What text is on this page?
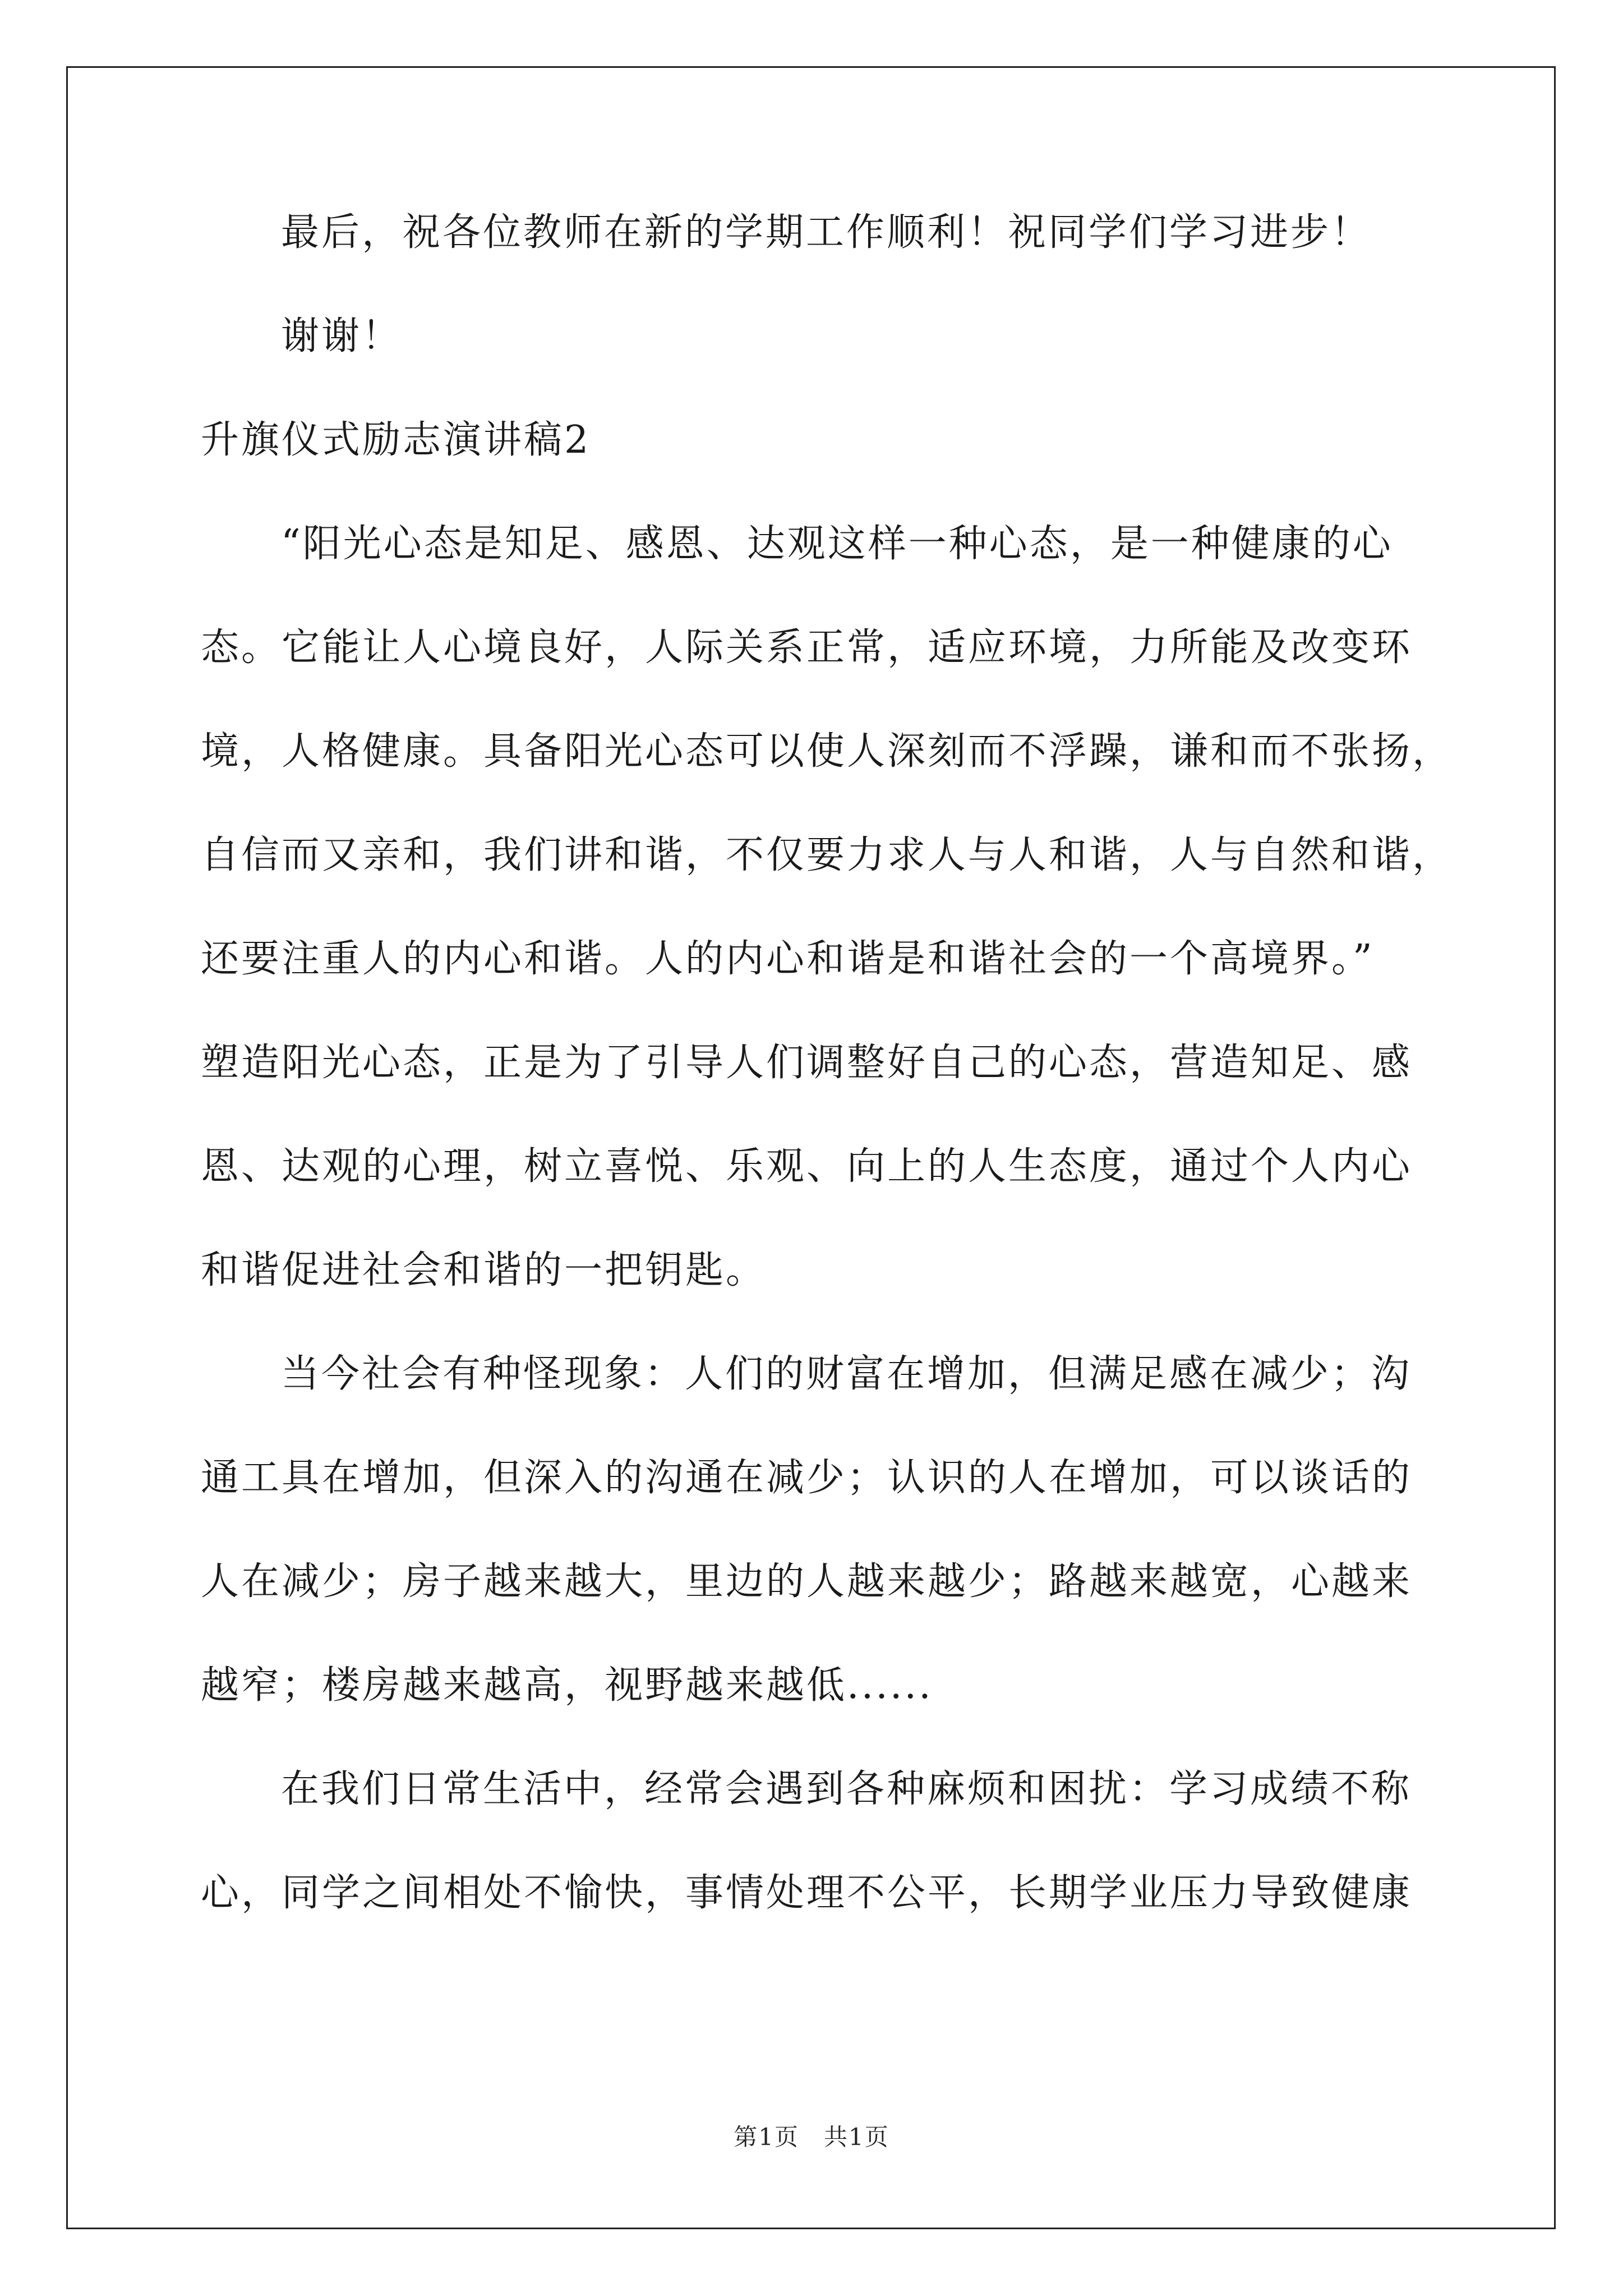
最后，祝各位教师在新的学期工作顺利！祝同学们学习进步！
谢谢！
升旗仪式励志演讲稿2
“阳光心态是知足、感恩、达观这样一种心态，是一种健康的心
态。它能让人心境良好，人际关系正常，适应环境，力所能及改变环
境，人格健康。具备阳光心态可以使人深刻而不浮躁，谦和而不张扬，
自信而又亲和，我们讲和谐，不仅要力求人与人和谐，人与自然和谐，
还要注重人的内心和谐。人的内心和谐是和谐社会的一个高境界。”
塑造阳光心态，正是为了引导人们调整好自己的心态，营造知足、感
恩、达观的心理，树立喜悦、乐观、向上的人生态度，通过个人内心
和谐促进社会和谐的一把钥匙。
当今社会有种怪现象：人们的财富在增加，但满足感在减少；沟
通工具在增加，但深入的沟通在减少；认识的人在增加，可以谈话的
人在减少；房子越来越大，里边的人越来越少；路越来越宽，心越来
越窄；楼房越来越高，视野越来越低......
在我们日常生活中，经常会遇到各种麻烦和困扰：学习成绩不称
心，同学之间相处不愉快，事情处理不公平，长期学业压力导致健康
第1页　共1页
